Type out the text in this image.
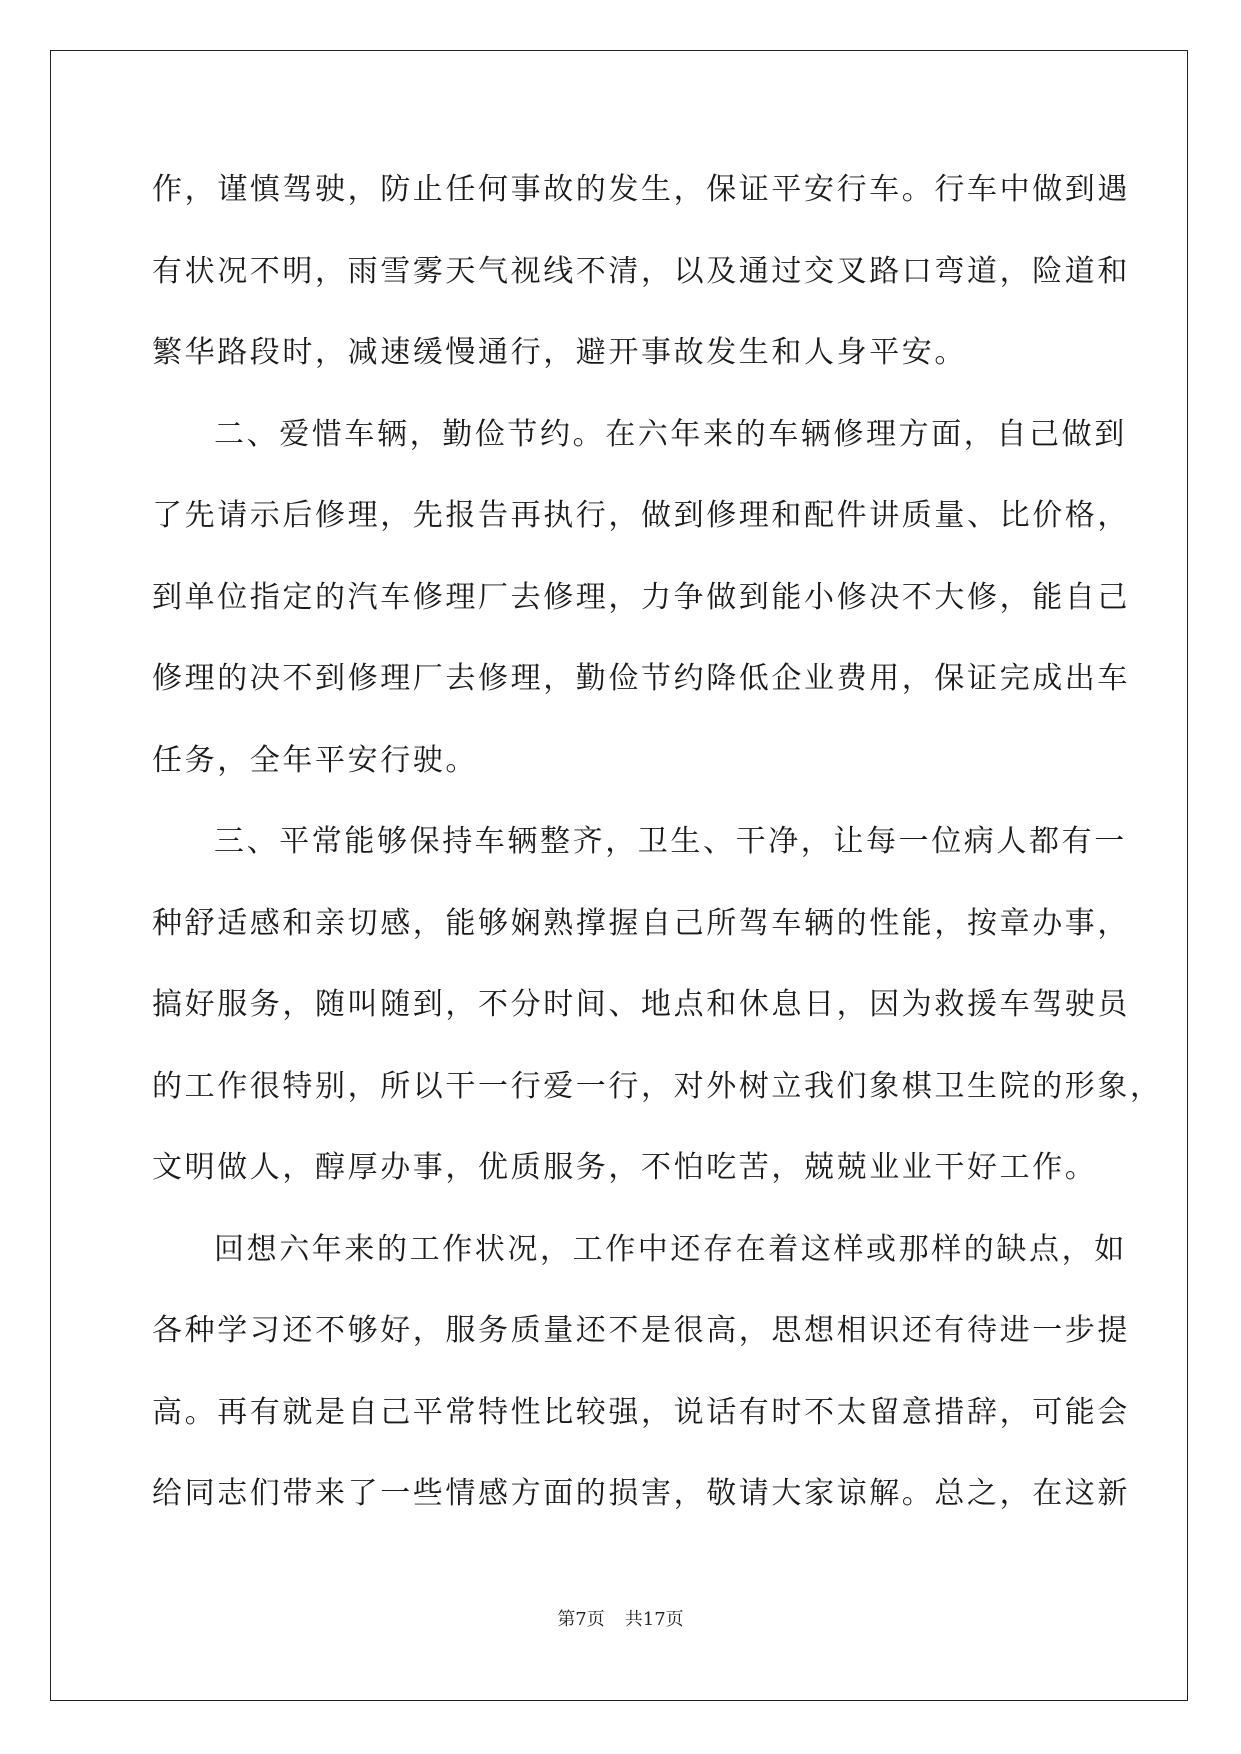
作，谨慎驾驶，防止任何事故的发生，保证平安行车。行车中做到遇
有状况不明，雨雪雾天气视线不清，以及通过交叉路口弯道，险道和
繁华路段时，减速缓慢通行，避开事故发生和人身平安。
二、爱惜车辆，勤俭节约。在六年来的车辆修理方面，自己做到
了先请示后修理，先报告再执行，做到修理和配件讲质量、比价格，
到单位指定的汽车修理厂去修理，力争做到能小修决不大修，能自己
修理的决不到修理厂去修理，勤俭节约降低企业费用，保证完成出车
任务，全年平安行驶。
三、平常能够保持车辆整齐，卫生、干净，让每一位病人都有一
种舒适感和亲切感，能够娴熟撑握自己所驾车辆的性能，按章办事，
搞好服务，随叫随到，不分时间、地点和休息日，因为救援车驾驶员
的工作很特别，所以干一行爱一行，对外树立我们象棋卫生院的形象，
文明做人，醇厚办事，优质服务，不怕吃苦，兢兢业业干好工作。
回想六年来的工作状况，工作中还存在着这样或那样的缺点，如
各种学习还不够好，服务质量还不是很高，思想相识还有待进一步提
高。再有就是自己平常特性比较强，说话有时不太留意措辞，可能会
给同志们带来了一些情感方面的损害，敬请大家谅解。总之，在这新
第7页 共17页
